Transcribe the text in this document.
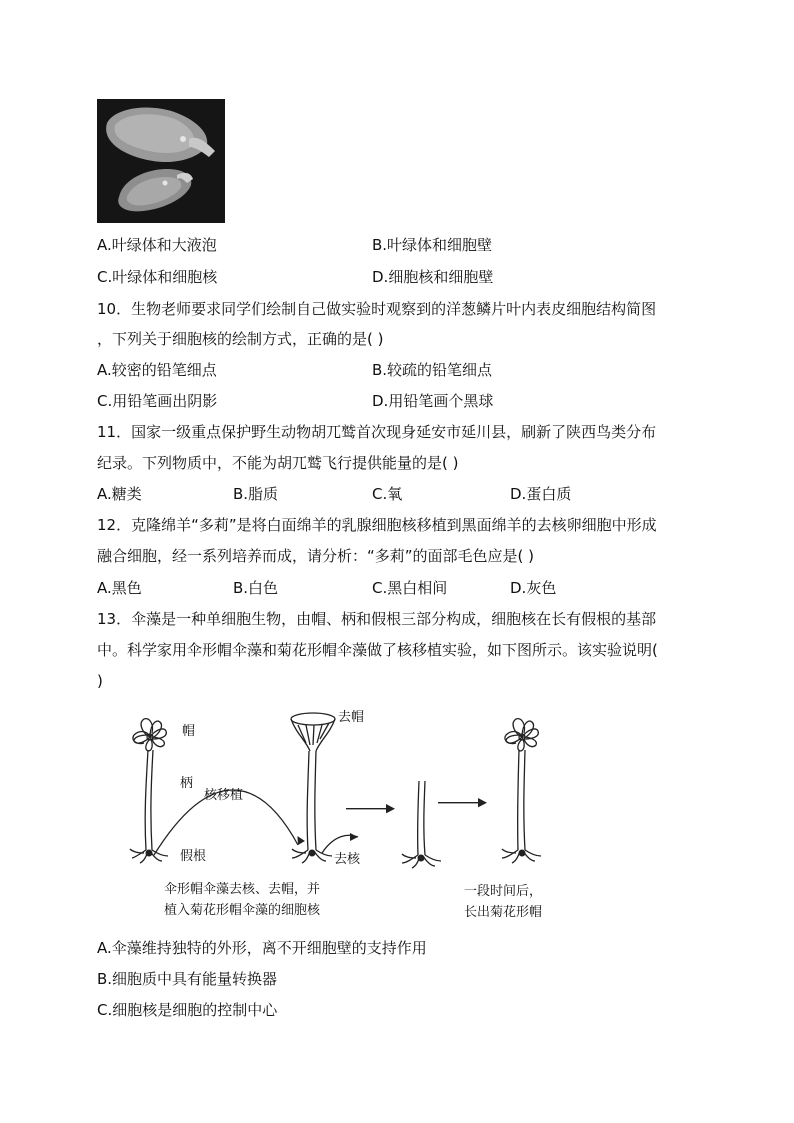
A.叶绿体和大液泡	B.叶绿体和细胞壁
C.叶绿体和细胞核	D.细胞核和细胞壁
10．生物老师要求同学们绘制自己做实验时观察到的洋葱鳞片叶内表皮细胞结构简图
，下列关于细胞核的绘制方式，正确的是( )
A.较密的铅笔细点	B.较疏的铅笔细点
C.用铅笔画出阴影	D.用铅笔画个黑球
11．国家一级重点保护野生动物胡兀鹫首次现身延安市延川县，刷新了陕西鸟类分布
纪录。下列物质中，不能为胡兀鹫飞行提供能量的是( )
A.糖类	B.脂质	C.氧	D.蛋白质
12．克隆绵羊“多莉”是将白面绵羊的乳腺细胞核移植到黑面绵羊的去核卵细胞中形成
融合细胞，经一系列培养而成，请分析：“多莉”的面部毛色应是( )
A.黑色	B.白色	C.黑白相间	D.灰色
13．伞藻是一种单细胞生物，由帽、柄和假根三部分构成，细胞核在长有假根的基部
中。科学家用伞形帽伞藻和菊花形帽伞藻做了核移植实验，如下图所示。该实验说明(
)
帽
柄
核移植
假根
去帽
去核
伞形帽伞藻去核、去帽，并
植入菊花形帽伞藻的细胞核
一段时间后，
长出菊花形帽
A.伞藻维持独特的外形，离不开细胞壁的支持作用
B.细胞质中具有能量转换器
C.细胞核是细胞的控制中心
